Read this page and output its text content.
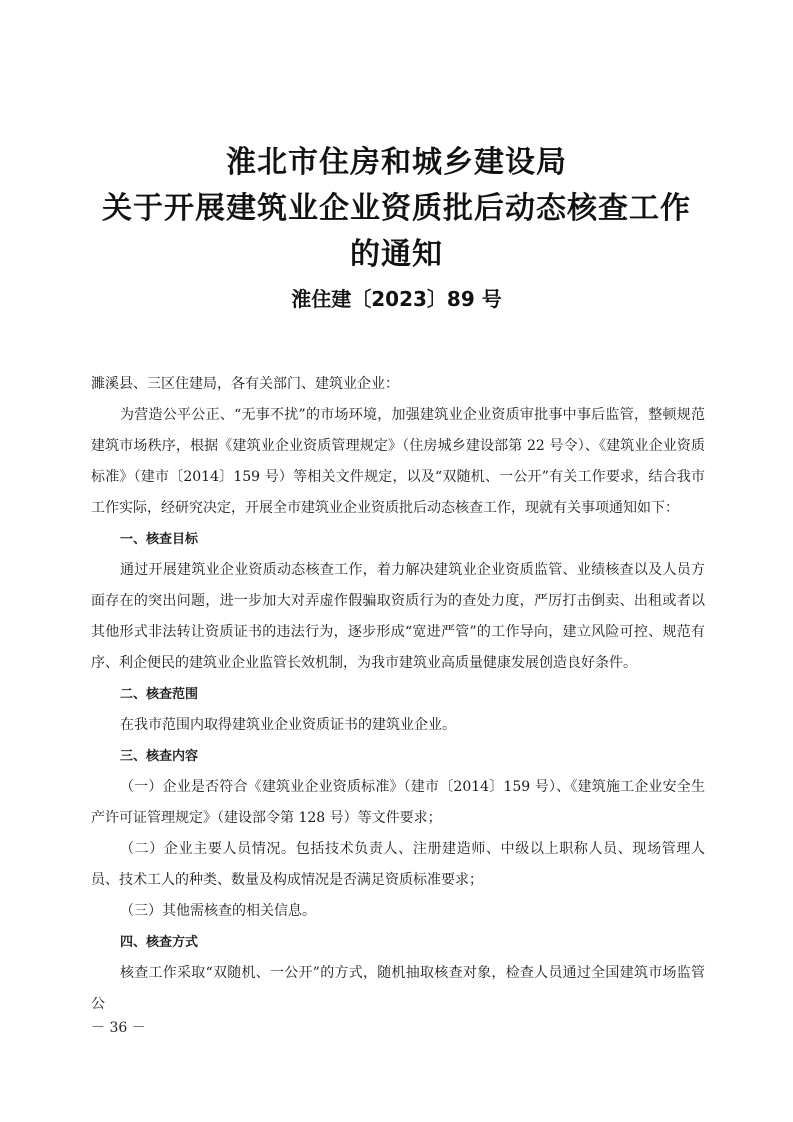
淮北市住房和城乡建设局

关于开展建筑业企业资质批后动态核查工作

的通知

淮住建〔2023〕89 号

濉溪县、三区住建局，各有关部门、建筑业企业：

为营造公平公正、“无事不扰”的市场环境，加强建筑业企业资质审批事中事后监管，整顿规范建筑市场秩序，根据《建筑业企业资质管理规定》（住房城乡建设部第 22 号令）、《建筑业企业资质标准》（建市〔2014〕159 号）等相关文件规定，以及“双随机、一公开”有关工作要求，结合我市工作实际，经研究决定，开展全市建筑业企业资质批后动态核查工作，现就有关事项通知如下：

一、核查目标

通过开展建筑业企业资质动态核查工作，着力解决建筑业企业资质监管、业绩核查以及人员方面存在的突出问题，进一步加大对弄虚作假骗取资质行为的查处力度，严厉打击倒卖、出租或者以其他形式非法转让资质证书的违法行为，逐步形成“宽进严管”的工作导向，建立风险可控、规范有序、利企便民的建筑业企业监管长效机制，为我市建筑业高质量健康发展创造良好条件。

二、核查范围

在我市范围内取得建筑业企业资质证书的建筑业企业。

三、核查内容

（一）企业是否符合《建筑业企业资质标准》（建市〔2014〕159 号）、《建筑施工企业安全生产许可证管理规定》（建设部令第 128 号）等文件要求；

（二）企业主要人员情况。包括技术负责人、注册建造师、中级以上职称人员、现场管理人员、技术工人的种类、数量及构成情况是否满足资质标准要求；

（三）其他需核查的相关信息。

四、核查方式

核查工作采取“双随机、一公开”的方式，随机抽取核查对象，检查人员通过全国建筑市场监管公

－ 36 －
